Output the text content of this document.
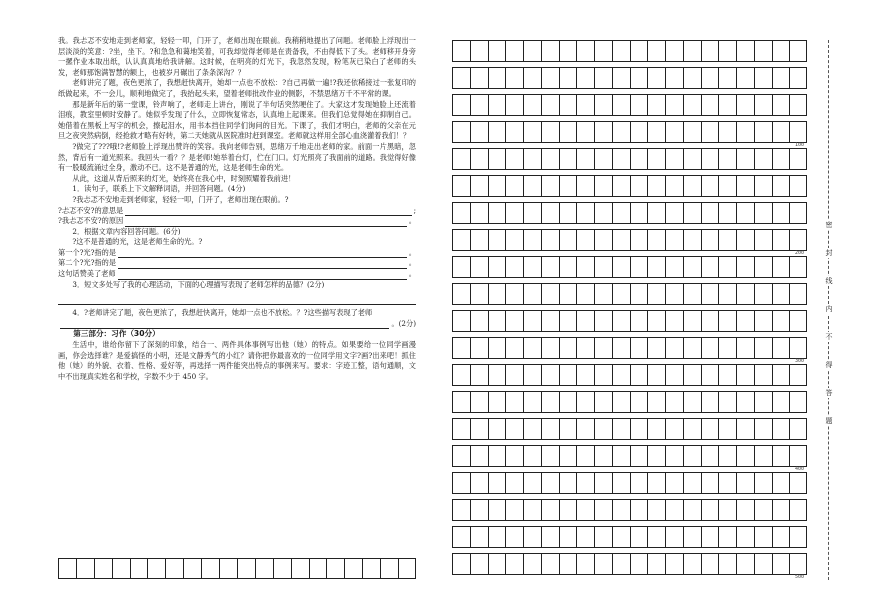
我。我忐忑不安地走到老师家，轻轻一叩，门开了，老师出现在眼前。我稍稍地提出了问题。老师脸上浮现出一层淡淡的笑意：?坐，坐下。?和急急和蔼地笑着，可我却觉得老师是在责备我，不由得低下了头。老师移开身旁一摞作业本取出纸，认认真真地给我讲解。这时候，在明亮的灯光下，我忽然发现，粉笔灰已染白了老师的头发，老师那饱满智慧的额上，也被岁月碾出了条条深沟？？

老师讲完了题，夜色更浓了，我想赶快离开，她却一点也不放松：?自己再做一遍!?我还依稀接过一张复印的纸做起来，不一会儿，顺利地做完了，我抬起头来，望着老师批改作业的侧影，不禁思绪万千不平常的课。

那是新年后的第一堂课，铃声响了，老师走上讲台，刚说了半句话突然哽住了。大家这才发现她脸上还流着泪痕，教室里顿时安静了。她似乎发现了什么，立即恢复常态，认真地上起课来。但我们总觉得她在抑制自己。她借着在黑板上写字的机会，擦起泪水，用书本挡住同学们询问的目光。下课了，我们才明白，老师的父亲在元旦之夜突然病倒，经抢救才略有好转，第二天她就从医院准时赶到课室。老师就这样用全部心血浇灌着我们！？

?做完了???哦!?老师脸上浮现出赞许的笑容。我向老师告别，思绪万千地走出老师的家。前面一片黑暗，忽然，背后有一道光照来。我回头一看？？是老师!她举着台灯，伫在门口。灯光照亮了我面前的道路。我觉得好像有一股暖流涌过全身，激动不已。这不是普通的光，这是老师生命的光。

从此，这道从背后照来的灯光，始终亮在我心中，时刻照耀着我前进！

1．读句子，联系上下文解释词语，并回答问题。(4分)

?我忐忑不安地走到老师家，轻轻一叩，门开了，老师出现在眼前。?

?忐忑不安?的意思是	;
?我忐忑不安?的原因	。

2．根据文章内容回答问题。(6分)

?这不是普通的光，这是老师生命的光。?

第一个?光?指的是	。
第二个?光?指的是	。
这句话赞美了老师	。

3．短文多处写了我的心理活动，下面的心理描写表现了老师怎样的品德？(2分)

4．?老师讲完了题，夜色更浓了，我想赶快离开，她却一点也不放松。？?这些描写表现了老师

。(2分)

第三部分：习作（30分）

生活中，谁给你留下了深刻的印象，结合一、两件具体事例写出他（她）的特点。如果要给一位同学画漫画，你会选择谁？是爱搞怪的小明，还是文静秀气的小红？请你把你最喜欢的一位同学用文字?画?出来吧！抓住他（她）的外貌、衣着、性格、爱好等，再选择一两件能突出特点的事例来写。要求：字迹工整，语句通顺，文中不出现真实姓名和学校，字数不少于 450 字。

密
封
线
内
不
得
答
题
100
200
300
400
500
